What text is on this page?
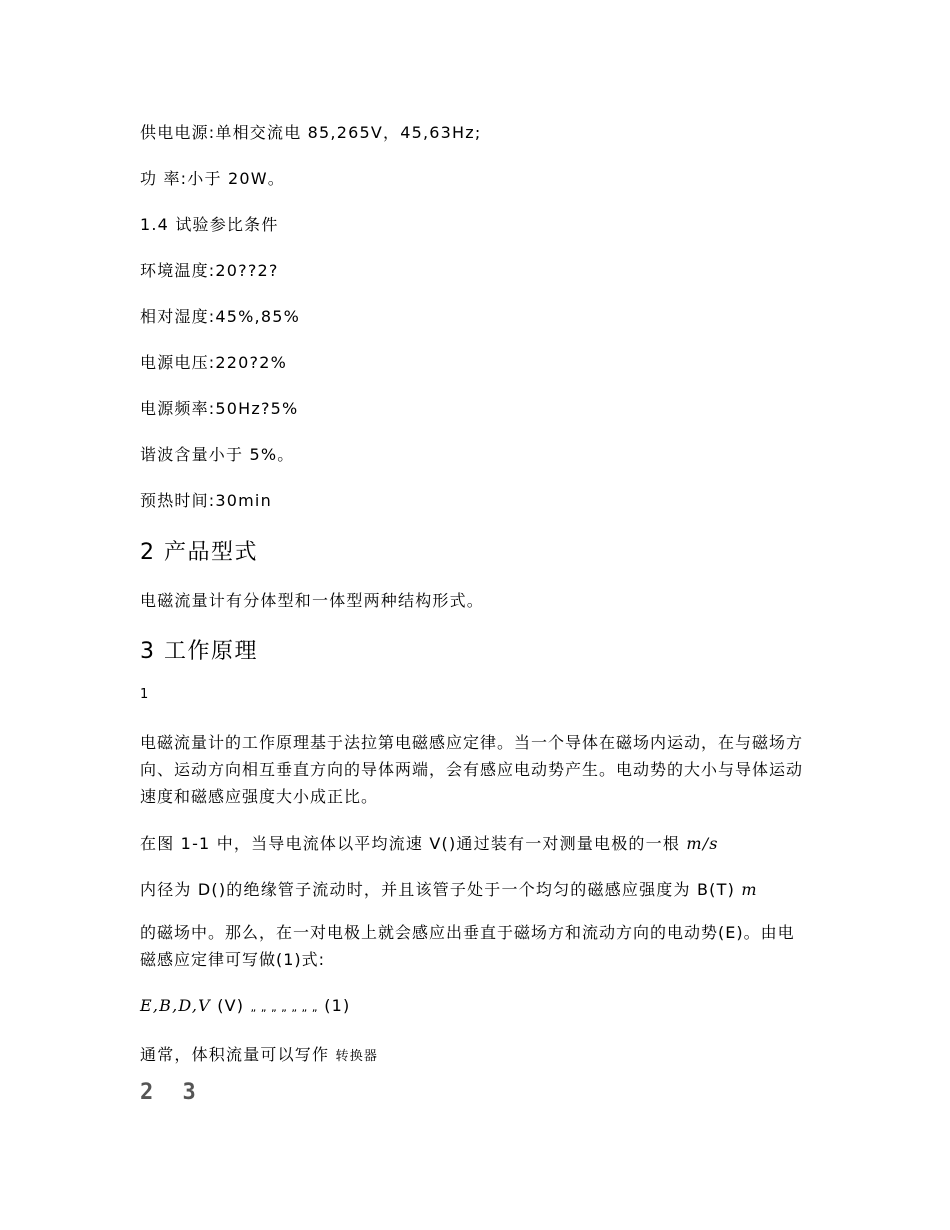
供电电源:单相交流电 85,265V，45,63Hz;
功 率:小于 20W。
1.4 试验参比条件
环境温度:20??2?
相对湿度:45%,85%
电源电压:220?2%
电源频率:50Hz?5%
谐波含量小于 5%。
预热时间:30min
2 产品型式
电磁流量计有分体型和一体型两种结构形式。
3 工作原理
1
电磁流量计的工作原理基于法拉第电磁感应定律。当一个导体在磁场内运动，在与磁场方向、运动方向相互垂直方向的导体两端，会有感应电动势产生。电动势的大小与导体运动速度和磁感应强度大小成正比。
在图 1-1 中，当导电流体以平均流速 V()通过装有一对测量电极的一根 m/s
内径为 D()的绝缘管子流动时，并且该管子处于一个均匀的磁感应强度为 B(T) m
的磁场中。那么，在一对电极上就会感应出垂直于磁场方和流动方向的电动势(E)。由电磁感应定律可写做(1)式:
E,B,D,V (V) „ „ „ „ „ „ „ (1)
通常，体积流量可以写作 转换器
2 3
